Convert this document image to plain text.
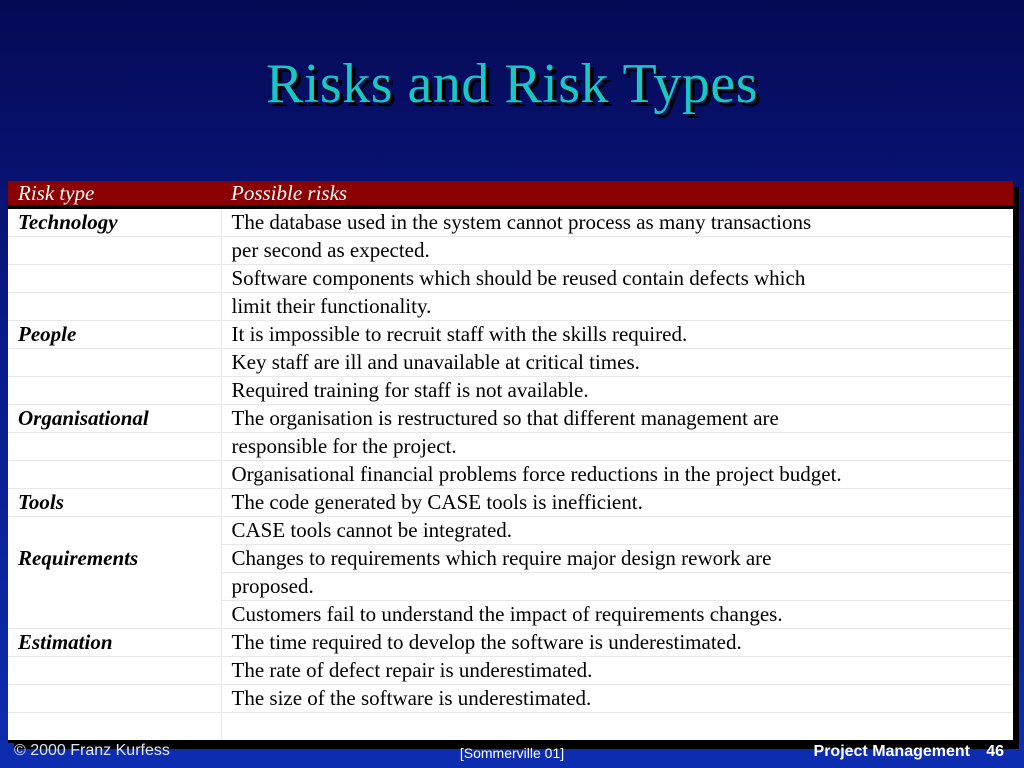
Risks and Risk Types
Risk type	Possible risks
Technology	The database used in the system cannot process as many transactions
	per second as expected.
	Software components which should be reused contain defects which
	limit their functionality.
People	It is impossible to recruit staff with the skills required.
	Key staff are ill and unavailable at critical times.
	Required training for staff is not available.
Organisational	The organisation is restructured so that different management are
	responsible for the project.
	Organisational financial problems force reductions in the project budget.
Tools	The code generated by CASE tools is inefficient.
	CASE tools cannot be integrated.
Requirements	Changes to requirements which require major design rework are
	proposed.
	Customers fail to understand the impact of requirements changes.
Estimation	The time required to develop the software is underestimated.
	The rate of defect repair is underestimated.
	The size of the software is underestimated.

© 2000 Franz Kurfess	[Sommerville 01]	Project Management 46
